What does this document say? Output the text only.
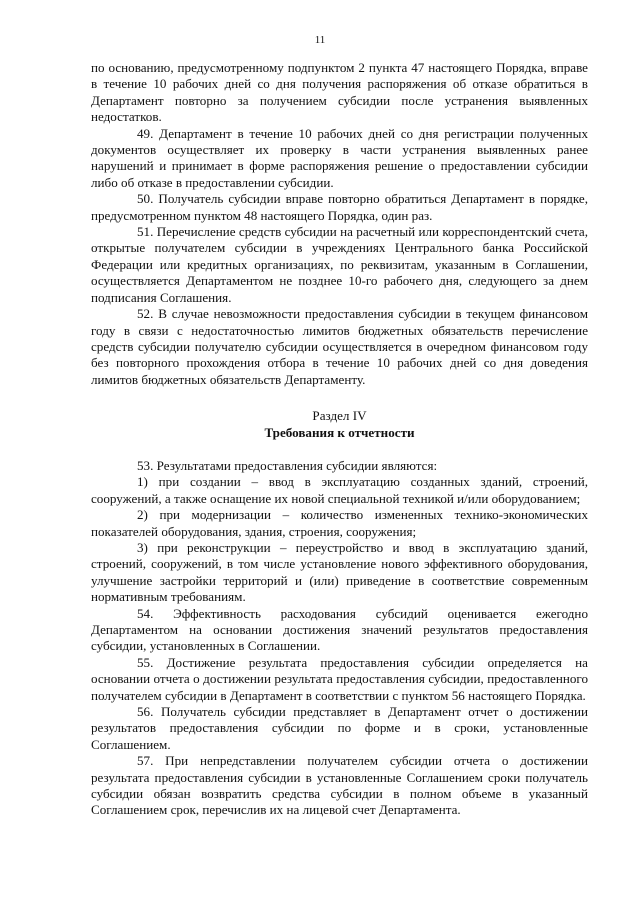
11

по основанию, предусмотренному подпунктом 2 пункта 47 настоящего Порядка, вправе в течение 10 рабочих дней со дня получения распоряжения об отказе обратиться в Департамент повторно за получением субсидии после устранения выявленных недостатков.

49. Департамент в течение 10 рабочих дней со дня регистрации полученных документов осуществляет их проверку в части устранения выявленных ранее нарушений и принимает в форме распоряжения решение о предоставлении субсидии либо об отказе в предоставлении субсидии.

50. Получатель субсидии вправе повторно обратиться Департамент в порядке, предусмотренном пунктом 48 настоящего Порядка, один раз.

51. Перечисление средств субсидии на расчетный или корреспондентский счета, открытые получателем субсидии в учреждениях Центрального банка Российской Федерации или кредитных организациях, по реквизитам, указанным в Соглашении, осуществляется Департаментом не позднее 10-го рабочего дня, следующего за днем подписания Соглашения.

52. В случае невозможности предоставления субсидии в текущем финансовом году в связи с недостаточностью лимитов бюджетных обязательств перечисление средств субсидии получателю субсидии осуществляется в очередном финансовом году без повторного прохождения отбора в течение 10 рабочих дней со дня доведения лимитов бюджетных обязательств Департаменту.

Раздел IV
Требования к отчетности

53. Результатами предоставления субсидии являются:

1) при создании – ввод в эксплуатацию созданных зданий, строений, сооружений, а также оснащение их новой специальной техникой и/или оборудованием;

2) при модернизации – количество измененных технико-экономических показателей оборудования, здания, строения, сооружения;

3) при реконструкции – переустройство и ввод в эксплуатацию зданий, строений, сооружений, в том числе установление нового эффективного оборудования, улучшение застройки территорий и (или) приведение в соответствие современным нормативным требованиям.

54. Эффективность расходования субсидий оценивается ежегодно Департаментом на основании достижения значений результатов предоставления субсидии, установленных в Соглашении.

55. Достижение результата предоставления субсидии определяется на основании отчета о достижении результата предоставления субсидии, предоставленного получателем субсидии в Департамент в соответствии с пунктом 56 настоящего Порядка.

56. Получатель субсидии представляет в Департамент отчет о достижении результатов предоставления субсидии по форме и в сроки, установленные Соглашением.

57. При непредставлении получателем субсидии отчета о достижении результата предоставления субсидии в установленные Соглашением сроки получатель субсидии обязан возвратить средства субсидии в полном объеме в указанный Соглашением срок, перечислив их на лицевой счет Департамента.
